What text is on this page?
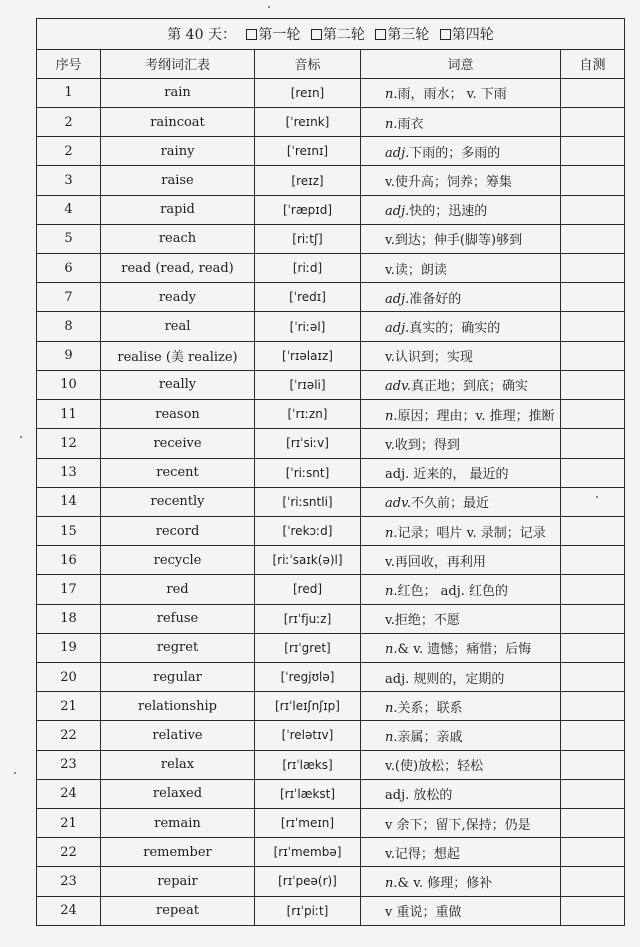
第 40 天： 第一轮 第二轮 第三轮 第四轮				
序号	考纲词汇表	音标	词意	自测
1	rain	[reɪn]	n.雨，雨水； v. 下雨	
2	raincoat	[ˈreɪnk]	n.雨衣	
2	rainy	[ˈreɪnɪ]	adj.下雨的；多雨的	
3	raise	[reɪz]	v.使升高；饲养；筹集	
4	rapid	[ˈræpɪd]	adj.快的；迅速的	
5	reach	[riːtʃ]	v.到达；伸手(脚等)够到	
6	read (read, read)	[riːd]	v.读；朗读	
7	ready	[ˈredɪ]	adj.准备好的	
8	real	[ˈriːəl]	adj.真实的；确实的	
9	realise (美 realize)	[ˈrɪəlaɪz]	v.认识到；实现	
10	really	[ˈrɪəli]	adv.真正地；到底；确实	
11	reason	[ˈrɪːzn]	n.原因；理由；v. 推理；推断	
12	receive	[rɪˈsiːv]	v.收到；得到	
13	recent	[ˈriːsnt]	adj. 近来的， 最近的	
14	recently	[ˈriːsntli]	adv.不久前；最近	
15	record	[ˈrekɔːd]	n.记录；唱片 v. 录制；记录	
16	recycle	[riːˈsaɪk(ə)l]	v.再回收，再利用	
17	red	[red]	n.红色； adj. 红色的	
18	refuse	[rɪˈfjuːz]	v.拒绝；不愿	
19	regret	[rɪˈgret]	n.& v. 遗憾；痛惜；后悔	
20	regular	[ˈregjʊlə]	adj. 规则的，定期的	
21	relationship	[rɪˈleɪʃnʃɪp]	n.关系；联系	
22	relative	[ˈrelətɪv]	n.亲属；亲戚	
23	relax	[rɪˈlæks]	v.(使)放松；轻松	
24	relaxed	[rɪˈlækst]	adj. 放松的	
21	remain	[rɪˈmeɪn]	v 余下；留下,保持；仍是	
22	remember	[rɪˈmembə]	v.记得；想起	
23	repair	[rɪˈpeə(r)]	n.& v. 修理；修补	
24	repeat	[rɪˈpiːt]	v 重说；重做	
